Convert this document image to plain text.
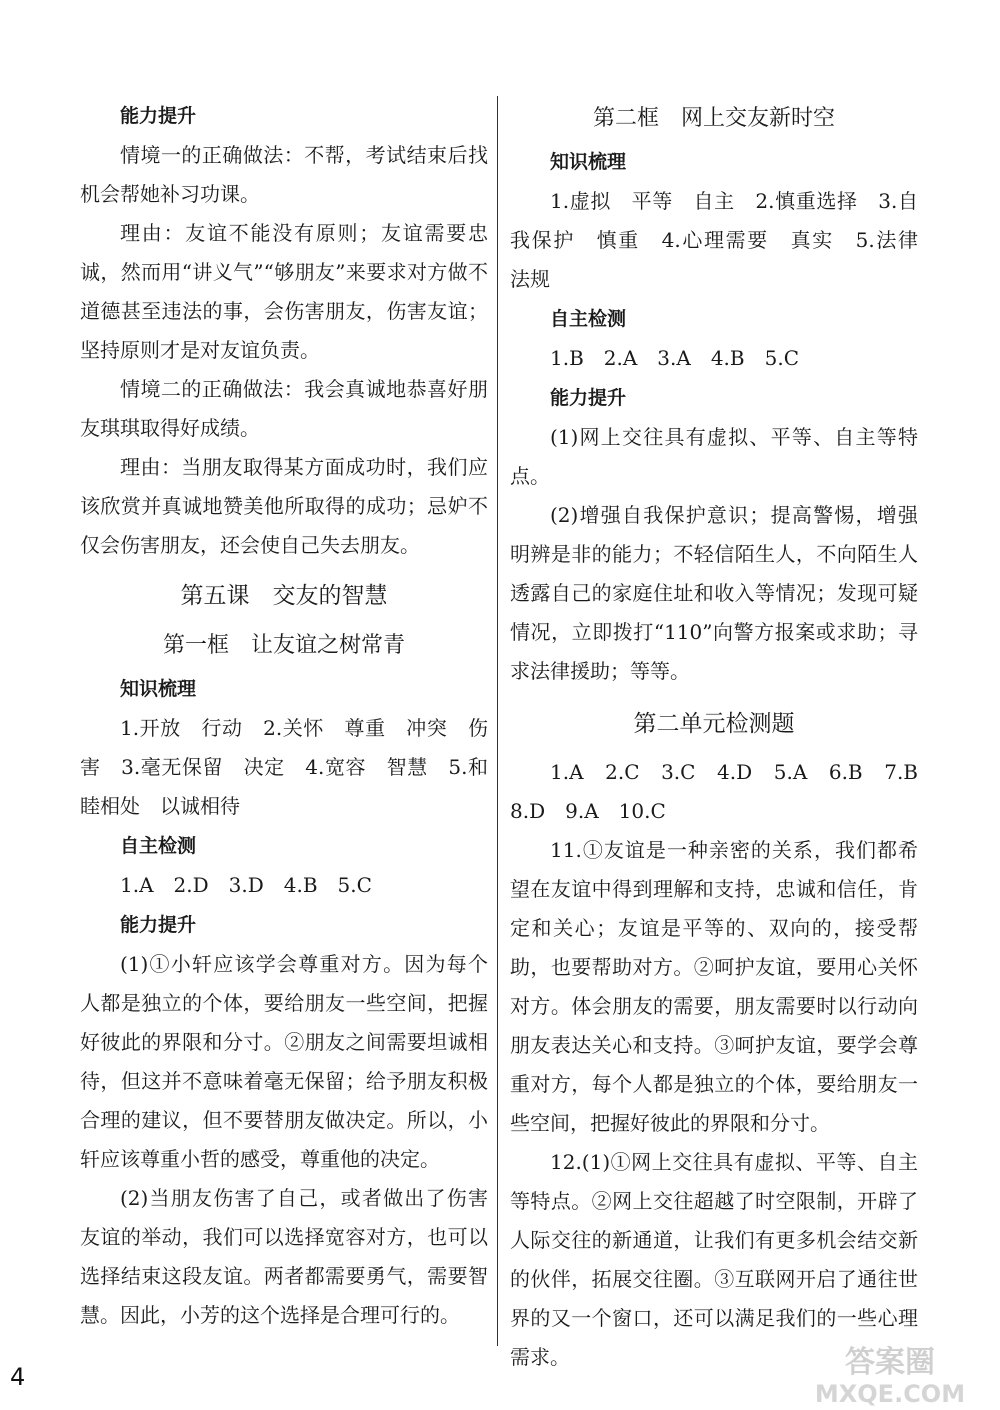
能力提升

情境一的正确做法：不帮，考试结束后找机会帮她补习功课。

理由：友谊不能没有原则；友谊需要忠诚，然而用“讲义气”“够朋友”来要求对方做不道德甚至违法的事，会伤害朋友，伤害友谊；坚持原则才是对友谊负责。

情境二的正确做法：我会真诚地恭喜好朋友琪琪取得好成绩。

理由：当朋友取得某方面成功时，我们应该欣赏并真诚地赞美他所取得的成功；忌妒不仅会伤害朋友，还会使自己失去朋友。

第五课　交友的智慧

第一框　让友谊之树常青

知识梳理

1.开放　行动　2.关怀　尊重　冲突　伤害　3.毫无保留　决定　4.宽容　智慧　5.和睦相处　以诚相待

自主检测

1.A　2.D　3.D　4.B　5.C

能力提升

(1)①小轩应该学会尊重对方。因为每个人都是独立的个体，要给朋友一些空间，把握好彼此的界限和分寸。②朋友之间需要坦诚相待，但这并不意味着毫无保留；给予朋友积极合理的建议，但不要替朋友做决定。所以，小轩应该尊重小哲的感受，尊重他的决定。

(2)当朋友伤害了自己，或者做出了伤害友谊的举动，我们可以选择宽容对方，也可以选择结束这段友谊。两者都需要勇气，需要智慧。因此，小芳的这个选择是合理可行的。

第二框　网上交友新时空

知识梳理

1.虚拟　平等　自主　2.慎重选择　3.自我保护　慎重　4.心理需要　真实　5.法律　法规

自主检测

1.B　2.A　3.A　4.B　5.C

能力提升

(1)网上交往具有虚拟、平等、自主等特点。

(2)增强自我保护意识；提高警惕，增强明辨是非的能力；不轻信陌生人，不向陌生人透露自己的家庭住址和收入等情况；发现可疑情况，立即拨打“110”向警方报案或求助；寻求法律援助；等等。

第二单元检测题

1.A　2.C　3.C　4.D　5.A　6.B　7.B　8.D　9.A　10.C

11.①友谊是一种亲密的关系，我们都希望在友谊中得到理解和支持，忠诚和信任，肯定和关心；友谊是平等的、双向的，接受帮助，也要帮助对方。②呵护友谊，要用心关怀对方。体会朋友的需要，朋友需要时以行动向朋友表达关心和支持。③呵护友谊，要学会尊重对方，每个人都是独立的个体，要给朋友一些空间，把握好彼此的界限和分寸。

12.(1)①网上交往具有虚拟、平等、自主等特点。②网上交往超越了时空限制，开辟了人际交往的新通道，让我们有更多机会结交新的伙伴，拓展交往圈。③互联网开启了通往世界的又一个窗口，还可以满足我们的一些心理需求。

4	答案圈
MXQE.COM
